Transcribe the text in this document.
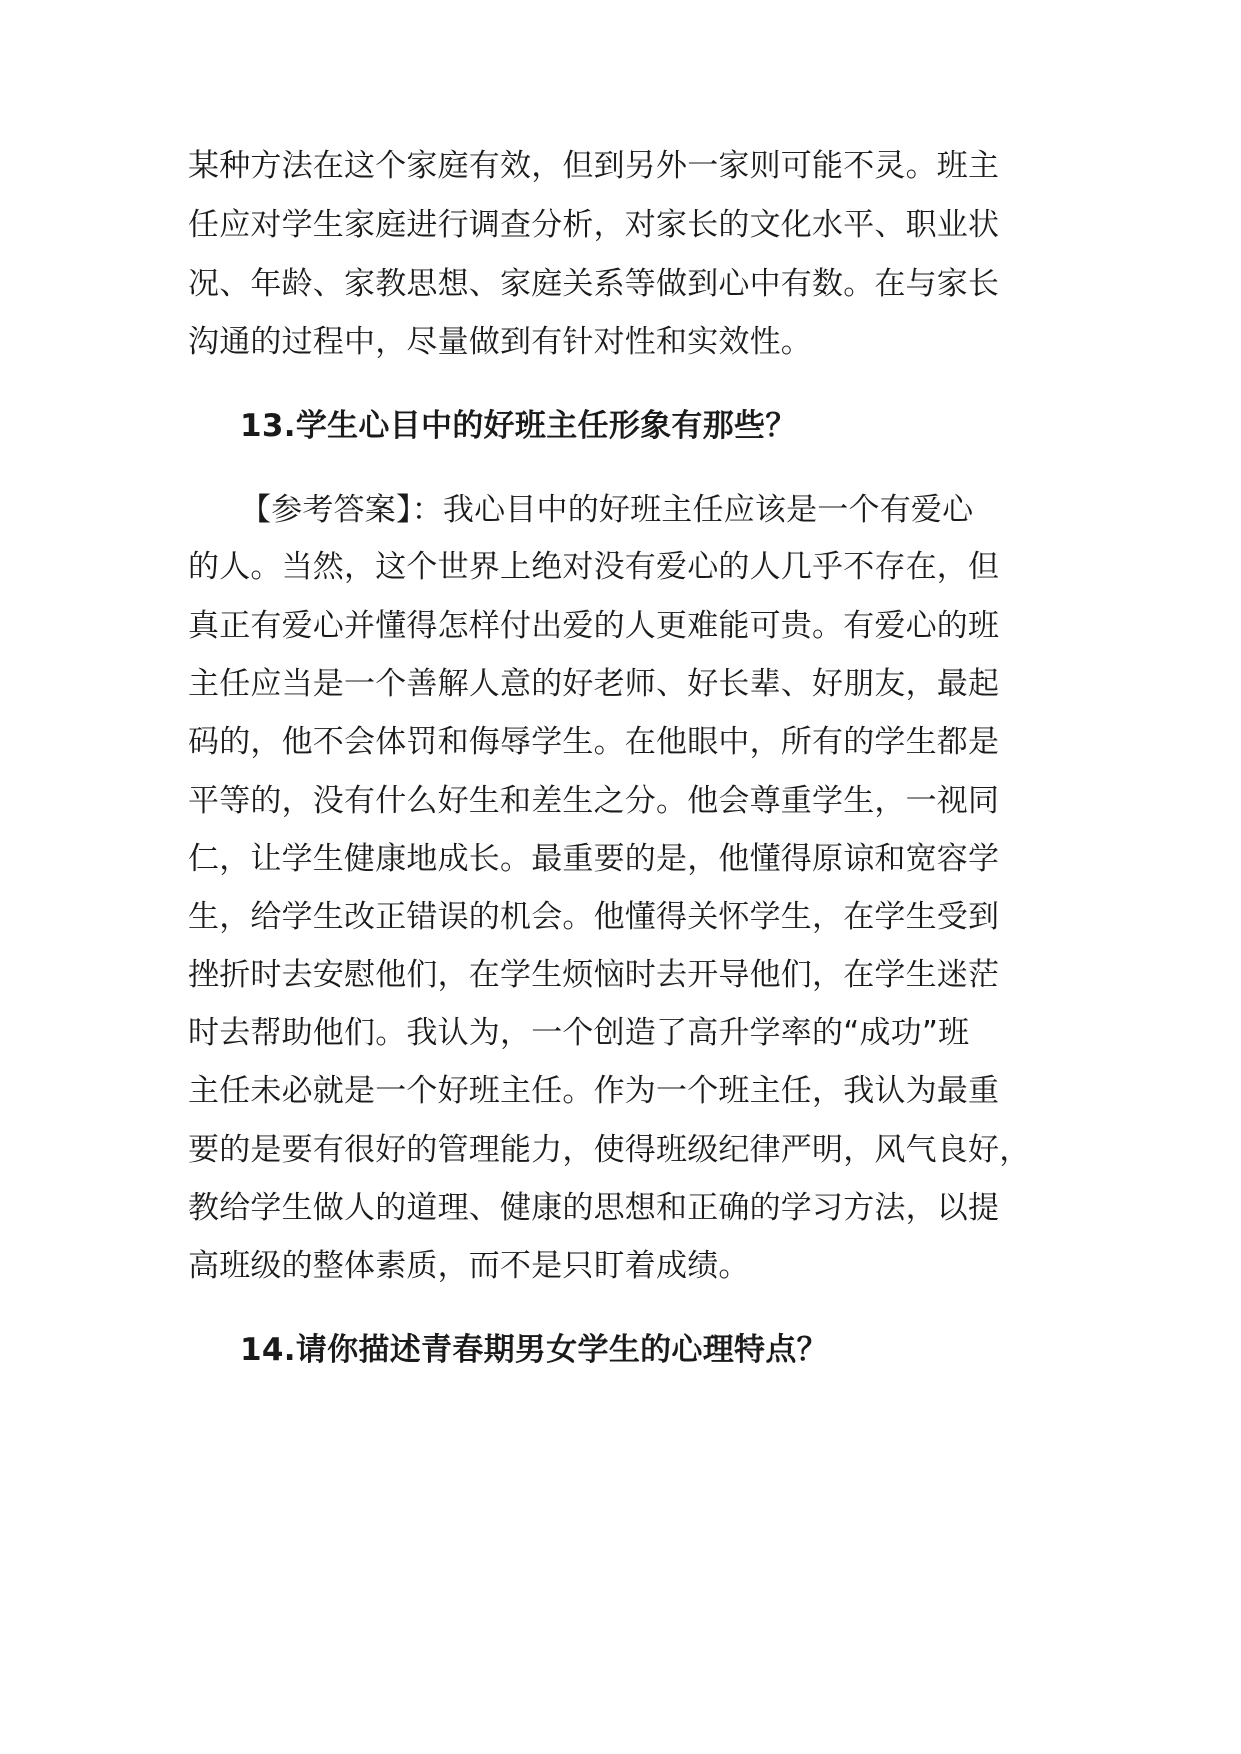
某种方法在这个家庭有效，但到另外一家则可能不灵。班主
任应对学生家庭进行调查分析，对家长的文化水平、职业状
况、年龄、家教思想、家庭关系等做到心中有数。在与家长
沟通的过程中，尽量做到有针对性和实效性。
13.学生心目中的好班主任形象有那些？
【参考答案】：我心目中的好班主任应该是一个有爱心
的人。当然，这个世界上绝对没有爱心的人几乎不存在，但
真正有爱心并懂得怎样付出爱的人更难能可贵。有爱心的班
主任应当是一个善解人意的好老师、好长辈、好朋友，最起
码的，他不会体罚和侮辱学生。在他眼中，所有的学生都是
平等的，没有什么好生和差生之分。他会尊重学生，一视同
仁，让学生健康地成长。最重要的是，他懂得原谅和宽容学
生，给学生改正错误的机会。他懂得关怀学生，在学生受到
挫折时去安慰他们，在学生烦恼时去开导他们，在学生迷茫
时去帮助他们。我认为，一个创造了高升学率的“成功”班
主任未必就是一个好班主任。作为一个班主任，我认为最重
要的是要有很好的管理能力，使得班级纪律严明，风气良好，
教给学生做人的道理、健康的思想和正确的学习方法，以提
高班级的整体素质，而不是只盯着成绩。
14.请你描述青春期男女学生的心理特点？
